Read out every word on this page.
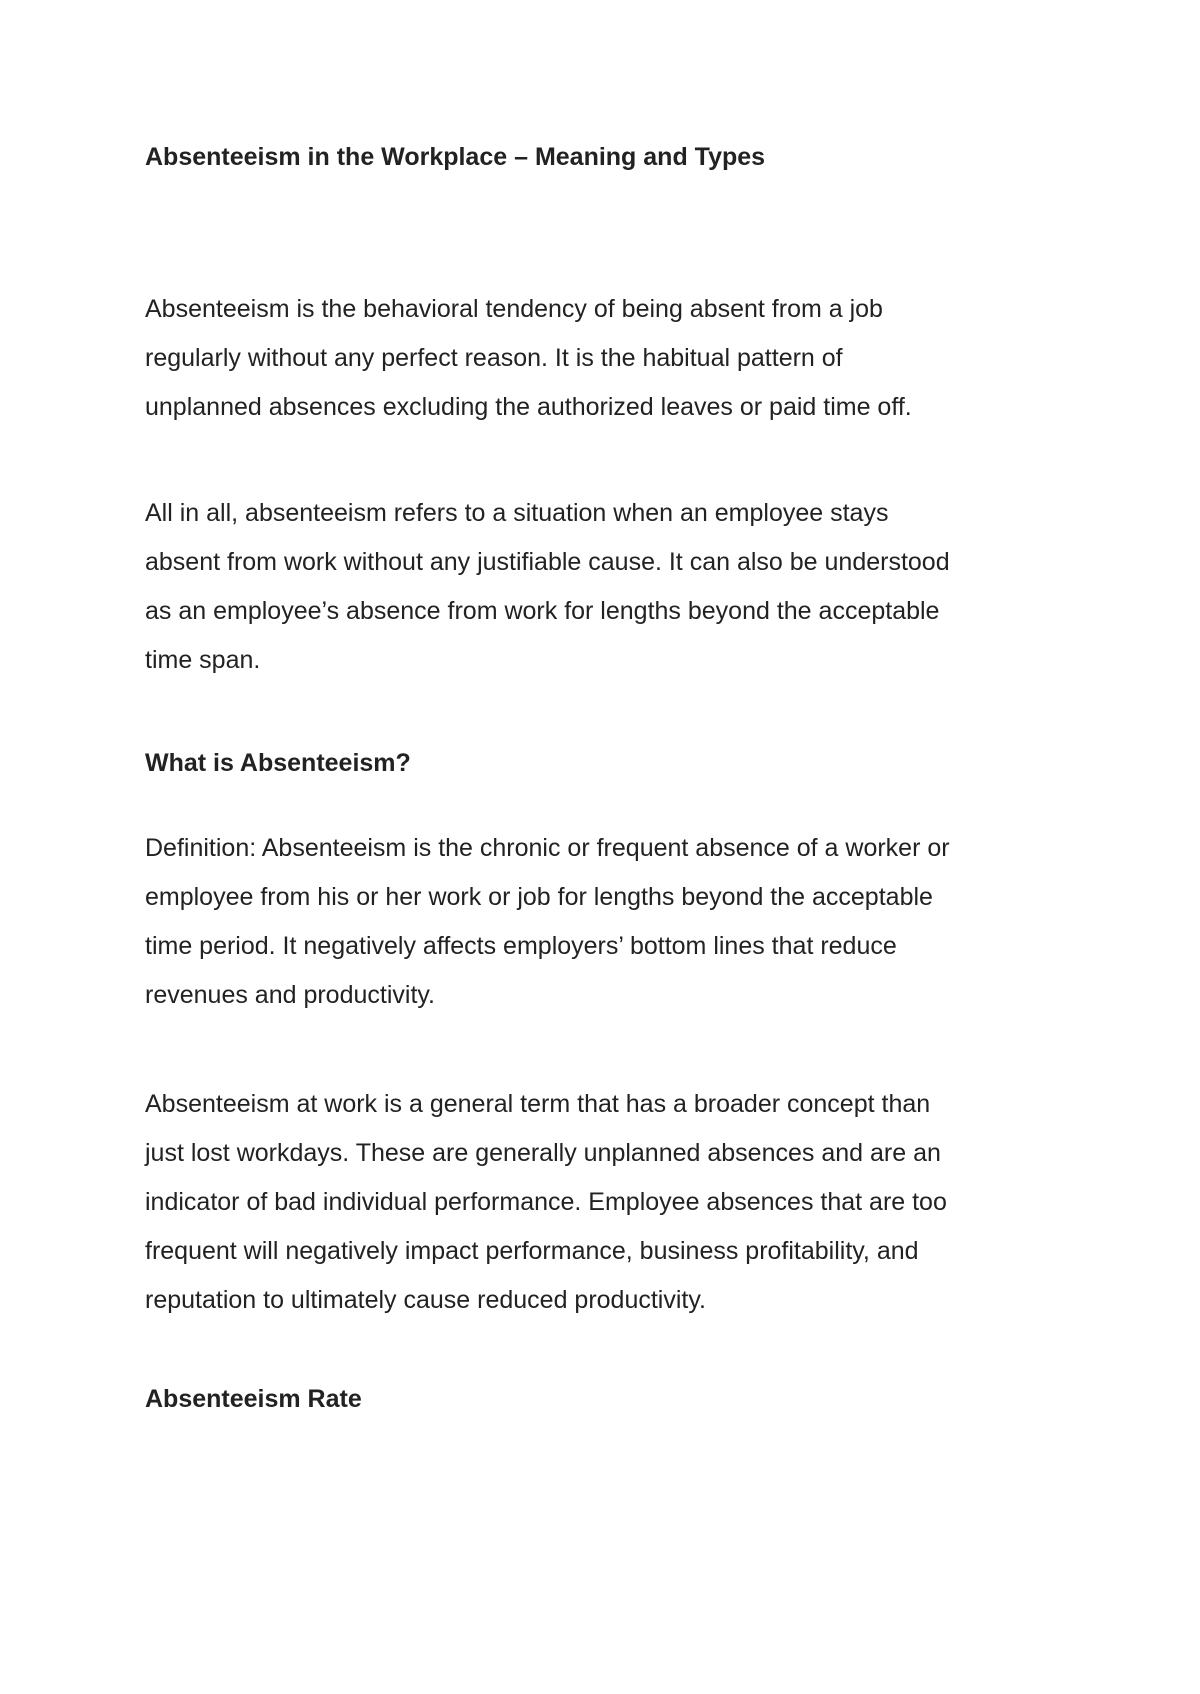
Absenteeism in the Workplace – Meaning and Types

Absenteeism is the behavioral tendency of being absent from a job
regularly without any perfect reason. It is the habitual pattern of
unplanned absences excluding the authorized leaves or paid time off.

All in all, absenteeism refers to a situation when an employee stays
absent from work without any justifiable cause. It can also be understood
as an employee’s absence from work for lengths beyond the acceptable
time span.

What is Absenteeism?

Definition: Absenteeism is the chronic or frequent absence of a worker or
employee from his or her work or job for lengths beyond the acceptable
time period. It negatively affects employers’ bottom lines that reduce
revenues and productivity.

Absenteeism at work is a general term that has a broader concept than
just lost workdays. These are generally unplanned absences and are an
indicator of bad individual performance. Employee absences that are too
frequent will negatively impact performance, business profitability, and
reputation to ultimately cause reduced productivity.

Absenteeism Rate
